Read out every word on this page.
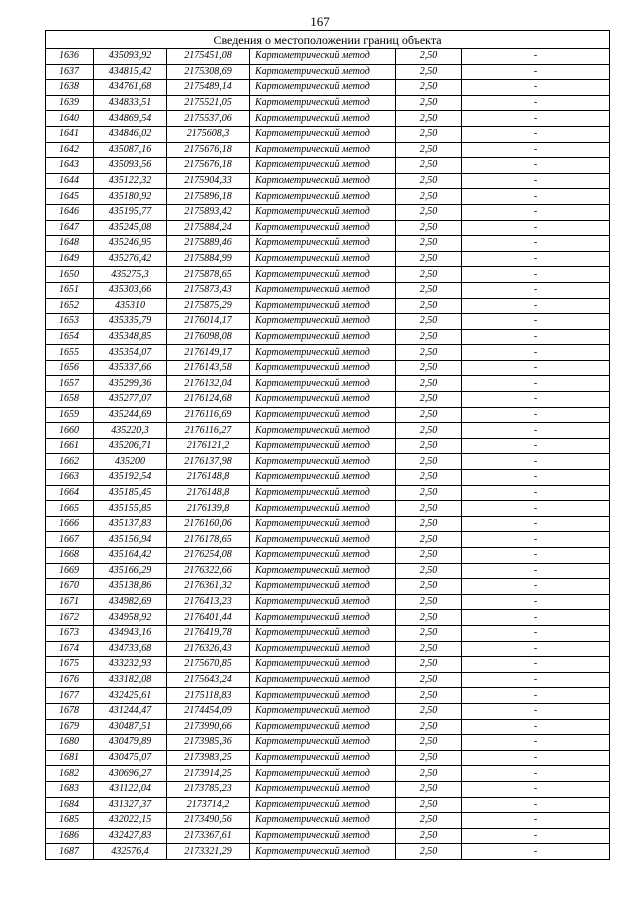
167
Сведения о местоположении границ объекта					
1636	435093,92	2175451,08	Картометрический метод	2,50	-
1637	434815,42	2175308,69	Картометрический метод	2,50	-
1638	434761,68	2175489,14	Картометрический метод	2,50	-
1639	434833,51	2175521,05	Картометрический метод	2,50	-
1640	434869,54	2175537,06	Картометрический метод	2,50	-
1641	434846,02	2175608,3	Картометрический метод	2,50	-
1642	435087,16	2175676,18	Картометрический метод	2,50	-
1643	435093,56	2175676,18	Картометрический метод	2,50	-
1644	435122,32	2175904,33	Картометрический метод	2,50	-
1645	435180,92	2175896,18	Картометрический метод	2,50	-
1646	435195,77	2175893,42	Картометрический метод	2,50	-
1647	435245,08	2175884,24	Картометрический метод	2,50	-
1648	435246,95	2175889,46	Картометрический метод	2,50	-
1649	435276,42	2175884,99	Картометрический метод	2,50	-
1650	435275,3	2175878,65	Картометрический метод	2,50	-
1651	435303,66	2175873,43	Картометрический метод	2,50	-
1652	435310	2175875,29	Картометрический метод	2,50	-
1653	435335,79	2176014,17	Картометрический метод	2,50	-
1654	435348,85	2176098,08	Картометрический метод	2,50	-
1655	435354,07	2176149,17	Картометрический метод	2,50	-
1656	435337,66	2176143,58	Картометрический метод	2,50	-
1657	435299,36	2176132,04	Картометрический метод	2,50	-
1658	435277,07	2176124,68	Картометрический метод	2,50	-
1659	435244,69	2176116,69	Картометрический метод	2,50	-
1660	435220,3	2176116,27	Картометрический метод	2,50	-
1661	435206,71	2176121,2	Картометрический метод	2,50	-
1662	435200	2176137,98	Картометрический метод	2,50	-
1663	435192,54	2176148,8	Картометрический метод	2,50	-
1664	435185,45	2176148,8	Картометрический метод	2,50	-
1665	435155,85	2176139,8	Картометрический метод	2,50	-
1666	435137,83	2176160,06	Картометрический метод	2,50	-
1667	435156,94	2176178,65	Картометрический метод	2,50	-
1668	435164,42	2176254,08	Картометрический метод	2,50	-
1669	435166,29	2176322,66	Картометрический метод	2,50	-
1670	435138,86	2176361,32	Картометрический метод	2,50	-
1671	434982,69	2176413,23	Картометрический метод	2,50	-
1672	434958,92	2176401,44	Картометрический метод	2,50	-
1673	434943,16	2176419,78	Картометрический метод	2,50	-
1674	434733,68	2176326,43	Картометрический метод	2,50	-
1675	433232,93	2175670,85	Картометрический метод	2,50	-
1676	433182,08	2175643,24	Картометрический метод	2,50	-
1677	432425,61	2175118,83	Картометрический метод	2,50	-
1678	431244,47	2174454,09	Картометрический метод	2,50	-
1679	430487,51	2173990,66	Картометрический метод	2,50	-
1680	430479,89	2173985,36	Картометрический метод	2,50	-
1681	430475,07	2173983,25	Картометрический метод	2,50	-
1682	430696,27	2173914,25	Картометрический метод	2,50	-
1683	431122,04	2173785,23	Картометрический метод	2,50	-
1684	431327,37	2173714,2	Картометрический метод	2,50	-
1685	432022,15	2173490,56	Картометрический метод	2,50	-
1686	432427,83	2173367,61	Картометрический метод	2,50	-
1687	432576,4	2173321,29	Картометрический метод	2,50	-
